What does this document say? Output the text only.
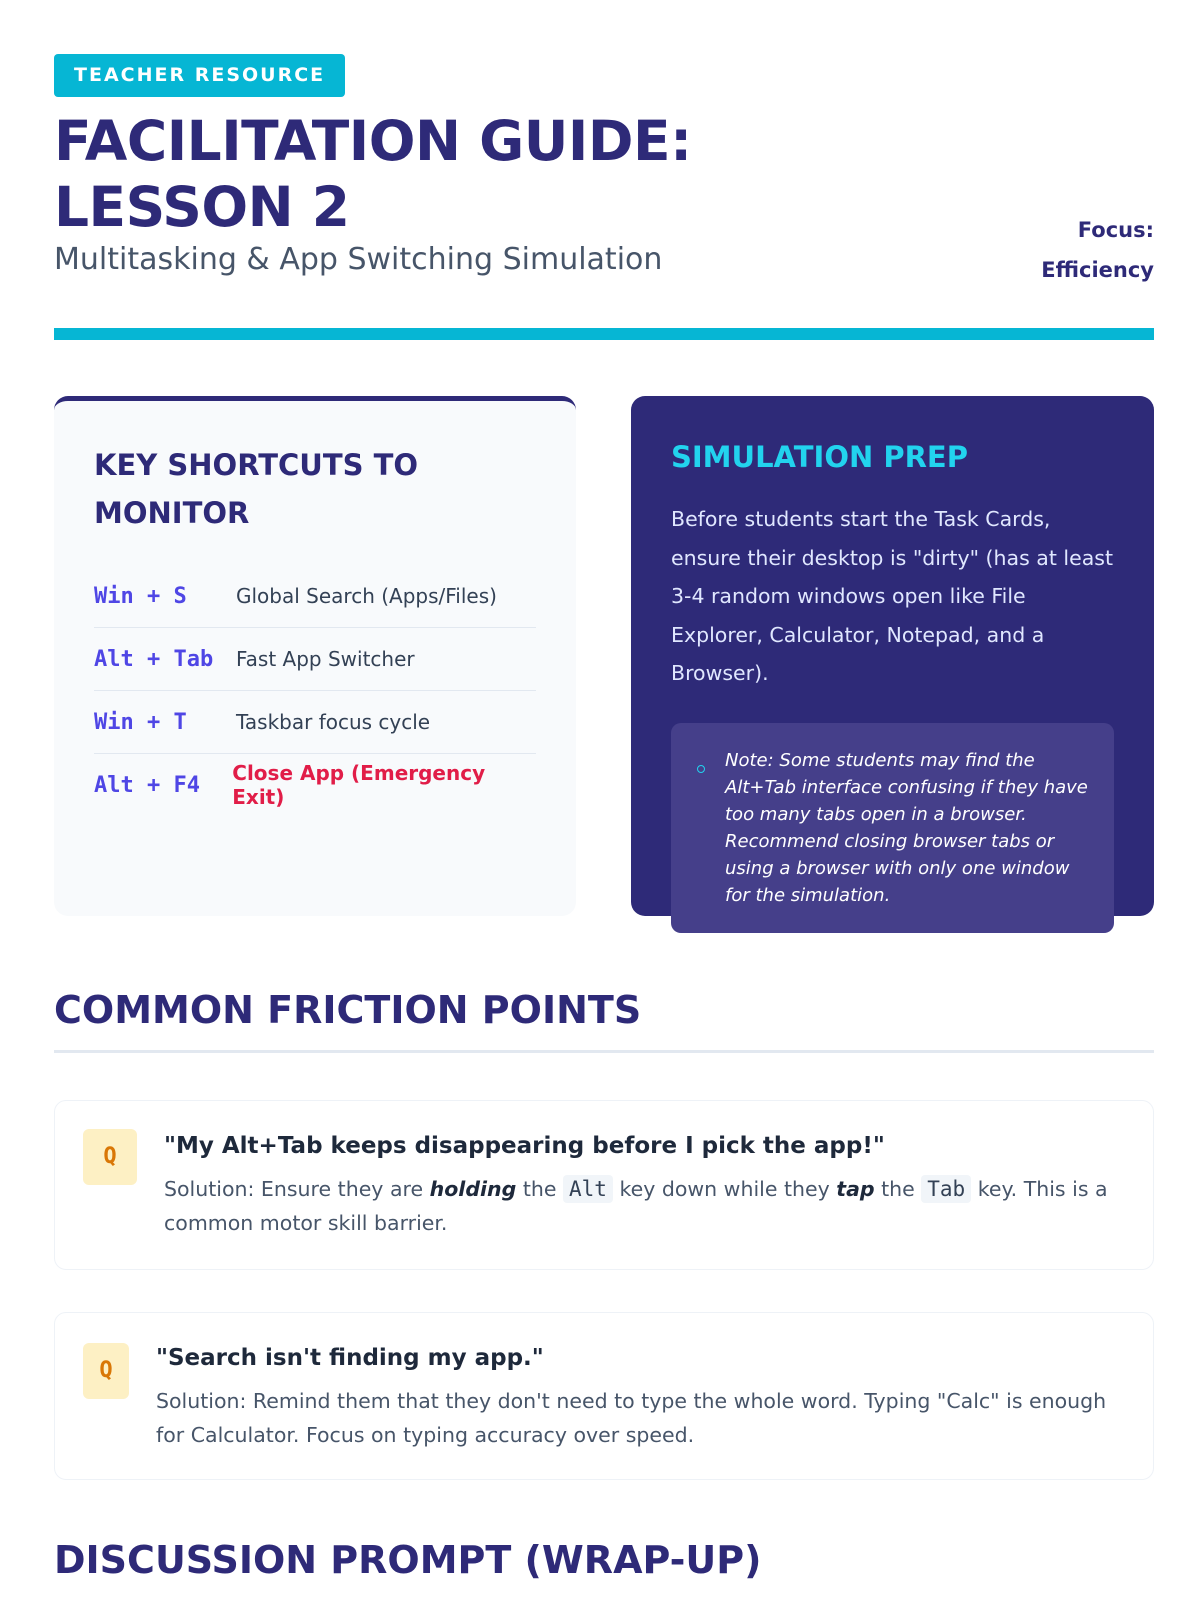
TEACHER RESOURCE
FACILITATION GUIDE:
LESSON 2

Multitasking & App Switching Simulation

Focus:
Efficiency
KEY SHORTCUTS TO MONITOR
Win + S	Global Search (Apps/Files)
Alt + Tab	Fast App Switcher
Win + T	Taskbar focus cycle
Alt + F4	Close App (Emergency Exit)
SIMULATION PREP

Before students start the Task Cards, ensure their desktop is "dirty" (has at least 3-4 random windows open like File Explorer, Calculator, Notepad, and a Browser).

Note: Some students may find the Alt+Tab interface confusing if they have too many tabs open in a browser. Recommend closing browser tabs or using a browser with only one window for the simulation.
COMMON FRICTION POINTS
Q	"My Alt+Tab keeps disappearing before I pick the app!"

Solution: Ensure they are holding the Alt key down while they tap the Tab key. This is a common motor skill barrier.

Q	"Search isn't finding my app."

Solution: Remind them that they don't need to type the whole word. Typing "Calc" is enough for Calculator. Focus on typing accuracy over speed.

DISCUSSION PROMPT (WRAP-UP)
